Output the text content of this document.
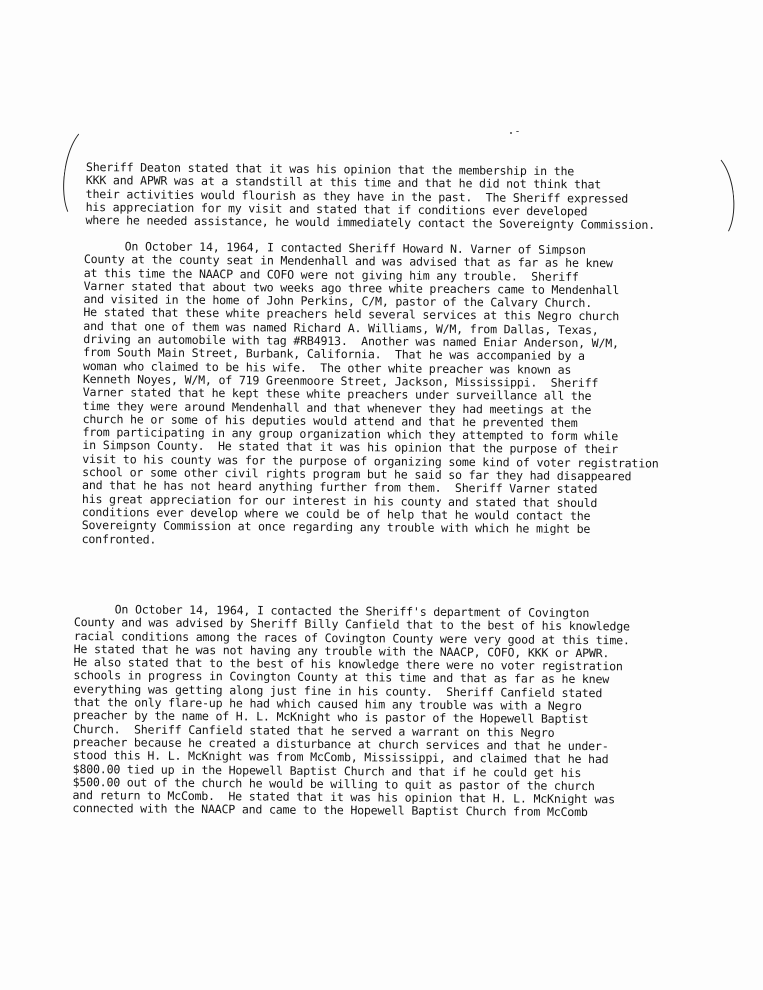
Sheriff Deaton stated that it was his opinion that the membership in the
KKK and APWR was at a standstill at this time and that he did not think that
their activities would flourish as they have in the past.  The Sheriff expressed
his appreciation for my visit and stated that if conditions ever developed
where he needed assistance, he would immediately contact the Sovereignty Commission.

On October 14, 1964, I contacted Sheriff Howard N. Varner of Simpson
County at the county seat in Mendenhall and was advised that as far as he knew
at this time the NAACP and COFO were not giving him any trouble.  Sheriff
Varner stated that about two weeks ago three white preachers came to Mendenhall
and visited in the home of John Perkins, C/M, pastor of the Calvary Church.
He stated that these white preachers held several services at this Negro church
and that one of them was named Richard A. Williams, W/M, from Dallas, Texas,
driving an automobile with tag #RB4913.  Another was named Eniar Anderson, W/M,
from South Main Street, Burbank, California.  That he was accompanied by a
woman who claimed to be his wife.  The other white preacher was known as
Kenneth Noyes, W/M, of 719 Greenmoore Street, Jackson, Mississippi.  Sheriff
Varner stated that he kept these white preachers under surveillance all the
time they were around Mendenhall and that whenever they had meetings at the
church he or some of his deputies would attend and that he prevented them
from participating in any group organization which they attempted to form while
in Simpson County.  He stated that it was his opinion that the purpose of their
visit to his county was for the purpose of organizing some kind of voter registration
school or some other civil rights program but he said so far they had disappeared
and that he has not heard anything further from them.  Sheriff Varner stated
his great appreciation for our interest in his county and stated that should
conditions ever develop where we could be of help that he would contact the
Sovereignty Commission at once regarding any trouble with which he might be
confronted.

On October 14, 1964, I contacted the Sheriff's department of Covington
County and was advised by Sheriff Billy Canfield that to the best of his knowledge
racial conditions among the races of Covington County were very good at this time.
He stated that he was not having any trouble with the NAACP, COFO, KKK or APWR.
He also stated that to the best of his knowledge there were no voter registration
schools in progress in Covington County at this time and that as far as he knew
everything was getting along just fine in his county.  Sheriff Canfield stated
that the only flare-up he had which caused him any trouble was with a Negro
preacher by the name of H. L. McKnight who is pastor of the Hopewell Baptist
Church.  Sheriff Canfield stated that he served a warrant on this Negro
preacher because he created a disturbance at church services and that he under-
stood this H. L. McKnight was from McComb, Mississippi, and claimed that he had
$800.00 tied up in the Hopewell Baptist Church and that if he could get his
$500.00 out of the church he would be willing to quit as pastor of the church
and return to McComb.  He stated that it was his opinion that H. L. McKnight was
connected with the NAACP and came to the Hopewell Baptist Church from McComb
